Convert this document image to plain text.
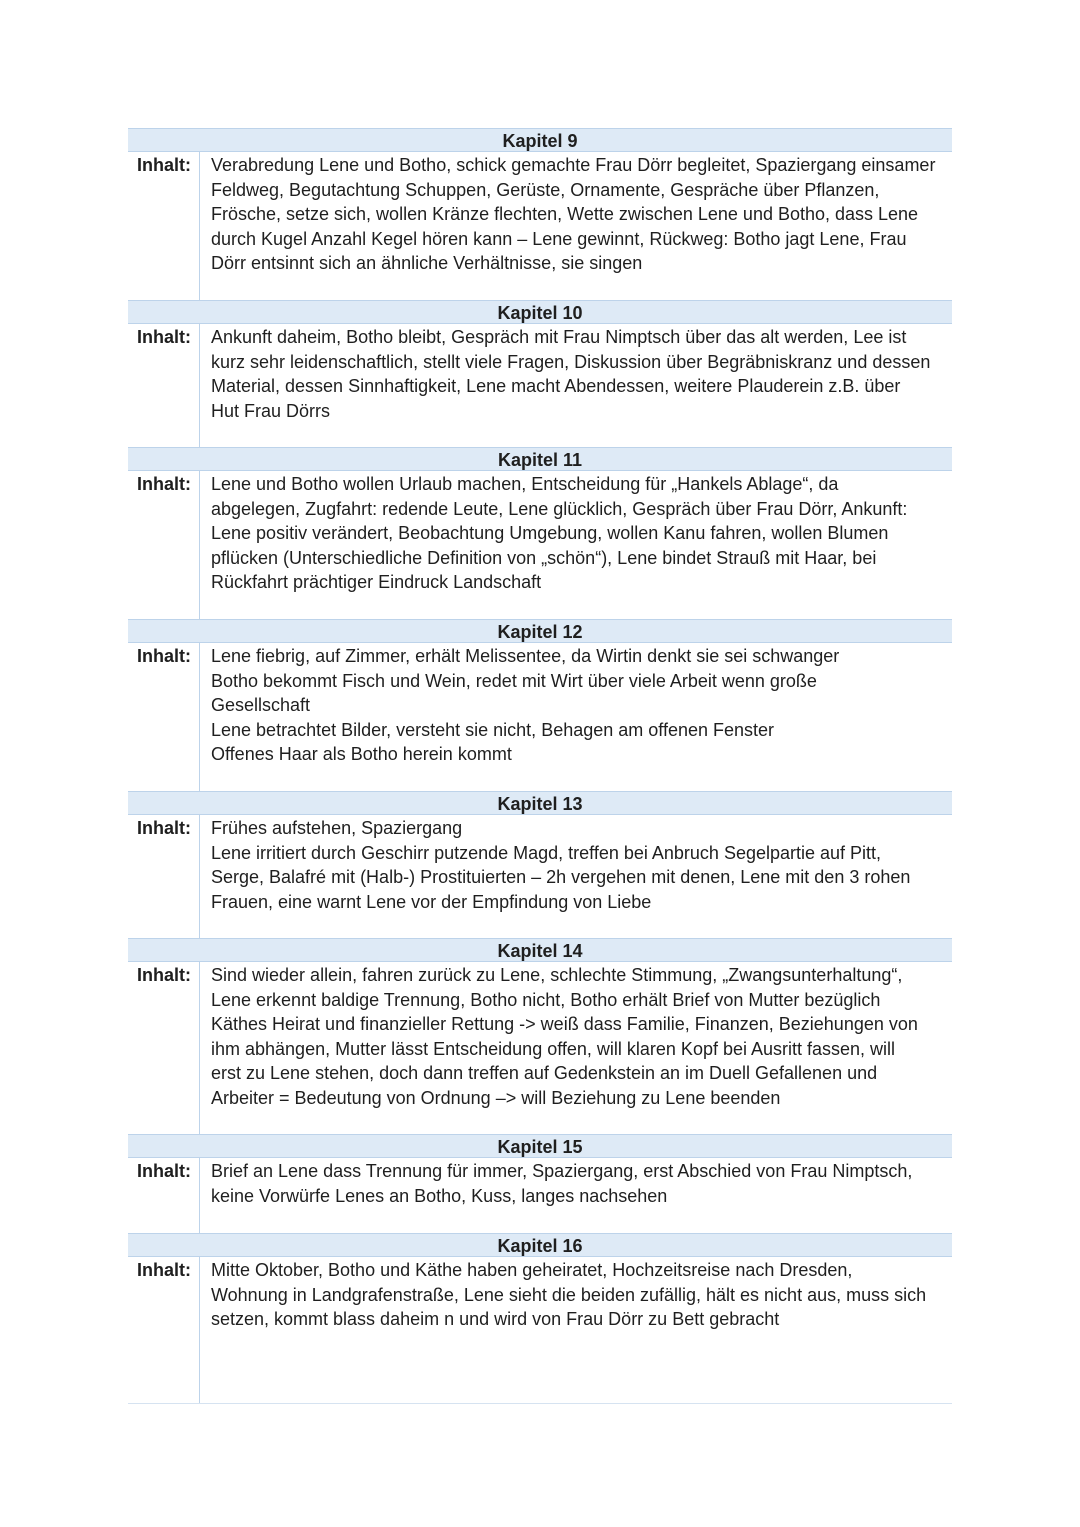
Kapitel 9
Inhalt:	Verabredung Lene und Botho, schick gemachte Frau Dörr begleitet, Spaziergang einsamer
Feldweg, Begutachtung Schuppen, Gerüste, Ornamente, Gespräche über Pflanzen,
Frösche, setze sich, wollen Kränze flechten, Wette zwischen Lene und Botho, dass Lene
durch Kugel Anzahl Kegel hören kann – Lene gewinnt, Rückweg: Botho jagt Lene, Frau
Dörr entsinnt sich an ähnliche Verhältnisse, sie singen
Kapitel 10
Inhalt:	Ankunft daheim, Botho bleibt, Gespräch mit Frau Nimptsch über das alt werden, Lee ist
kurz sehr leidenschaftlich, stellt viele Fragen, Diskussion über Begräbniskranz und dessen
Material, dessen Sinnhaftigkeit, Lene macht Abendessen, weitere Plauderein z.B. über
Hut Frau Dörrs
Kapitel 11
Inhalt:	Lene und Botho wollen Urlaub machen, Entscheidung für „Hankels Ablage“, da
abgelegen, Zugfahrt: redende Leute, Lene glücklich, Gespräch über Frau Dörr, Ankunft:
Lene positiv verändert, Beobachtung Umgebung, wollen Kanu fahren, wollen Blumen
pflücken (Unterschiedliche Definition von „schön“), Lene bindet Strauß mit Haar, bei
Rückfahrt prächtiger Eindruck Landschaft
Kapitel 12
Inhalt:	Lene fiebrig, auf Zimmer, erhält Melissentee, da Wirtin denkt sie sei schwanger
Botho bekommt Fisch und Wein, redet mit Wirt über viele Arbeit wenn große
Gesellschaft
Lene betrachtet Bilder, versteht sie nicht, Behagen am offenen Fenster
Offenes Haar als Botho herein kommt
Kapitel 13
Inhalt:	Frühes aufstehen, Spaziergang
Lene irritiert durch Geschirr putzende Magd, treffen bei Anbruch Segelpartie auf Pitt,
Serge, Balafré mit (Halb-) Prostituierten – 2h vergehen mit denen, Lene mit den 3 rohen
Frauen, eine warnt Lene vor der Empfindung von Liebe
Kapitel 14
Inhalt:	Sind wieder allein, fahren zurück zu Lene, schlechte Stimmung, „Zwangsunterhaltung“,
Lene erkennt baldige Trennung, Botho nicht, Botho erhält Brief von Mutter bezüglich
Käthes Heirat und finanzieller Rettung -> weiß dass Familie, Finanzen, Beziehungen von
ihm abhängen, Mutter lässt Entscheidung offen, will klaren Kopf bei Ausritt fassen, will
erst zu Lene stehen, doch dann treffen auf Gedenkstein an im Duell Gefallenen und
Arbeiter = Bedeutung von Ordnung –> will Beziehung zu Lene beenden
Kapitel 15
Inhalt:	Brief an Lene dass Trennung für immer, Spaziergang, erst Abschied von Frau Nimptsch,
keine Vorwürfe Lenes an Botho, Kuss, langes nachsehen
Kapitel 16
Inhalt:	Mitte Oktober, Botho und Käthe haben geheiratet, Hochzeitsreise nach Dresden,
Wohnung in Landgrafenstraße, Lene sieht die beiden zufällig, hält es nicht aus, muss sich
setzen, kommt blass daheim n und wird von Frau Dörr zu Bett gebracht
